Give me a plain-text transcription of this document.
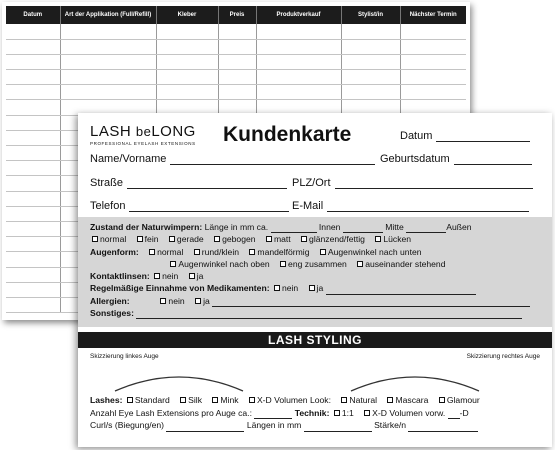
Datum	Art der Applikation (Full/Refill)	Kleber	Preis	Produktverkauf	Stylist/in	Nächster Termin

LASH beLONG
PROFESSIONAL EYELASH EXTENSIONS Kundenkarte	Datum
Name/Vorname	Geburtsdatum
Straße	PLZ/Ort
Telefon	E-Mail
Zustand der Naturwimpern: Länge in mm ca.	Innen	Mitte	Außen
normal fein gerade gebogen matt glänzend/fettig Lücken
Augenform: normal rund/klein mandelförmig Augenwinkel nach unten
Augenwinkel nach oben eng zusammen auseinander stehend
Kontaktlinsen: nein ja
Regelmäßige Einnahme von Medikamenten: nein ja
Allergien:	nein ja
Sonstiges:
LASH STYLING
Skizzierung linkes Auge	Skizzierung rechtes Auge
Lashes: Standard Silk Mink X-D Volumen Look: Natural Mascara Glamour
Anzahl Eye Lash Extensions pro Auge ca.:	Technik: 1:1 X-D Volumen vorw. -D
Curl/s (Biegung/en)	Längen in mm	Stärke/n
